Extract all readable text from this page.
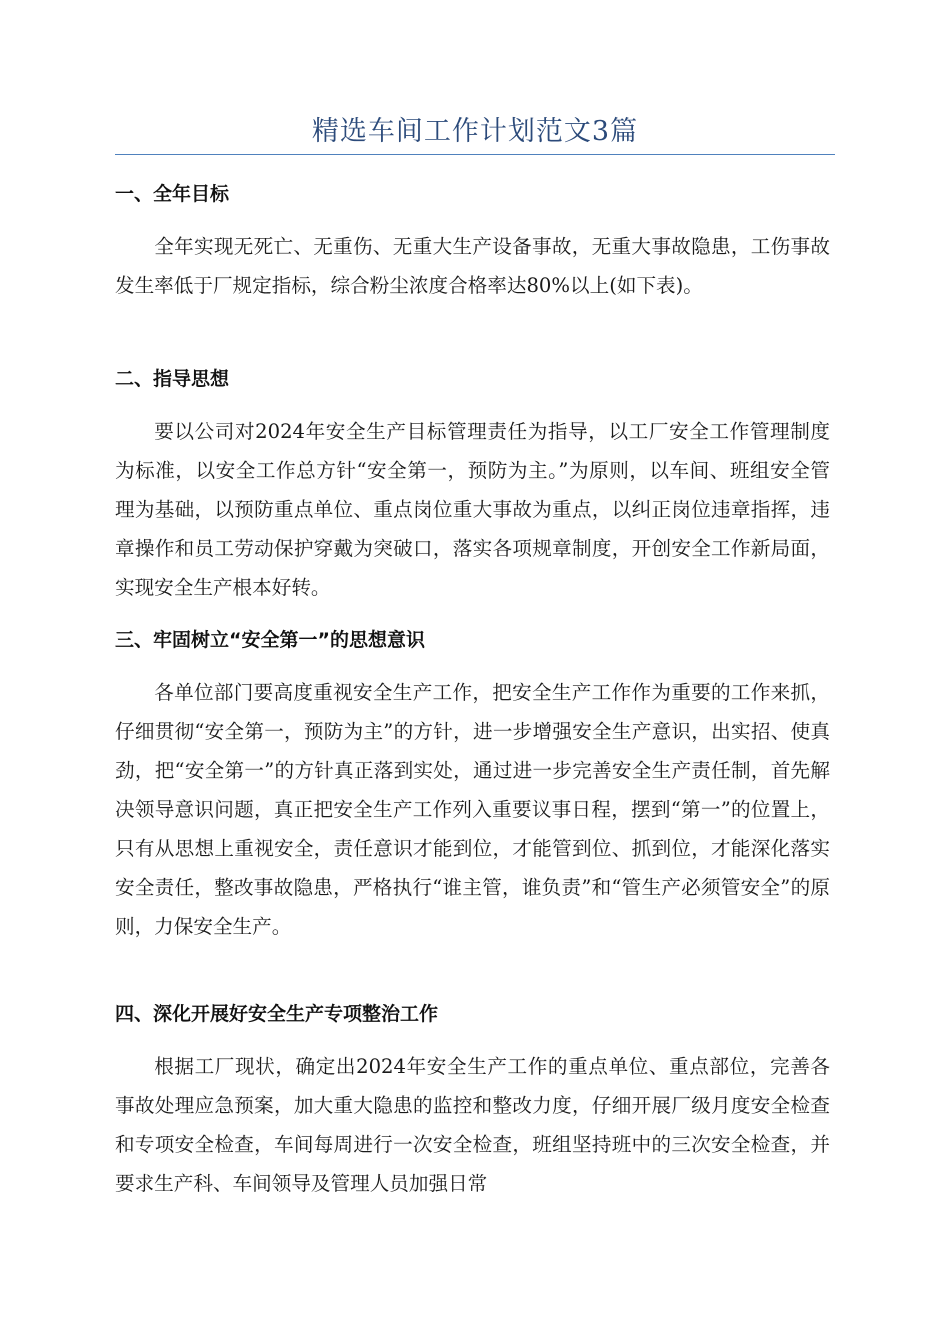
精选车间工作计划范文3篇
一、全年目标

全年实现无死亡、无重伤、无重大生产设备事故，无重大事故隐患，工伤事故发生率低于厂规定指标，综合粉尘浓度合格率达80%以上(如下表)。

二、指导思想

要以公司对2024年安全生产目标管理责任为指导，以工厂安全工作管理制度为标准，以安全工作总方针“安全第一，预防为主。”为原则，以车间、班组安全管理为基础，以预防重点单位、重点岗位重大事故为重点，以纠正岗位违章指挥，违章操作和员工劳动保护穿戴为突破口，落实各项规章制度，开创安全工作新局面，实现安全生产根本好转。

三、牢固树立“安全第一”的思想意识

各单位部门要高度重视安全生产工作，把安全生产工作作为重要的工作来抓，仔细贯彻“安全第一，预防为主”的方针，进一步增强安全生产意识，出实招、使真劲，把“安全第一”的方针真正落到实处，通过进一步完善安全生产责任制，首先解决领导意识问题，真正把安全生产工作列入重要议事日程，摆到“第一”的位置上，只有从思想上重视安全，责任意识才能到位，才能管到位、抓到位，才能深化落实安全责任，整改事故隐患，严格执行“谁主管，谁负责”和“管生产必须管安全”的原则，力保安全生产。

四、深化开展好安全生产专项整治工作

根据工厂现状，确定出2024年安全生产工作的重点单位、重点部位，完善各事故处理应急预案，加大重大隐患的监控和整改力度，仔细开展厂级月度安全检查和专项安全检查，车间每周进行一次安全检查，班组坚持班中的三次安全检查，并要求生产科、车间领导及管理人员加强日常
